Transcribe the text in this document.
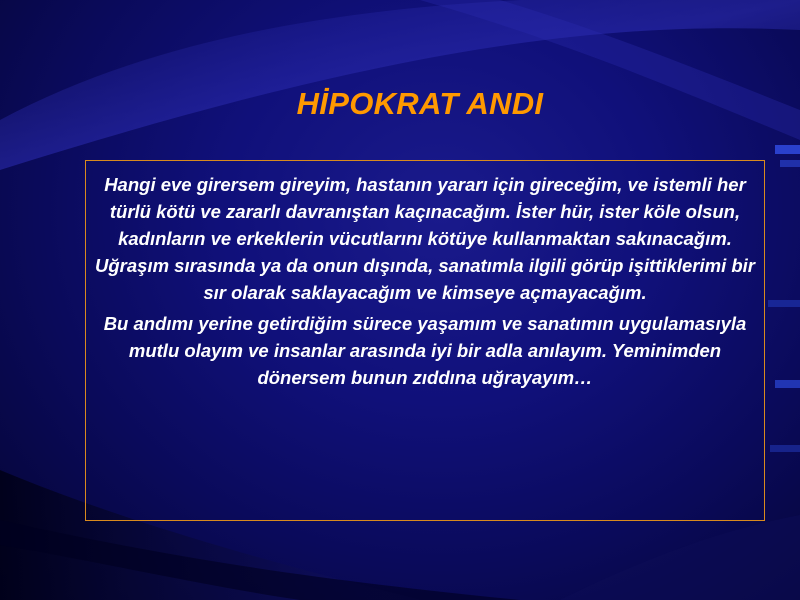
HİPOKRAT ANDI

Hangi eve girersem gireyim, hastanın yararı için gireceğim, ve istemli her türlü kötü ve zararlı davranıştan kaçınacağım. İster hür, ister köle olsun, kadınların ve erkeklerin vücutlarını kötüye kullanmaktan sakınacağım. Uğraşım sırasında ya da onun dışında, sanatımla ilgili görüp işittiklerimi bir sır olarak saklayacağım ve kimseye açmayacağım.

Bu andımı yerine getirdiğim sürece yaşamım ve sanatımın uygulamasıyla mutlu olayım ve insanlar arasında iyi bir adla anılayım. Yeminimden dönersem bunun zıddına uğrayayım…
